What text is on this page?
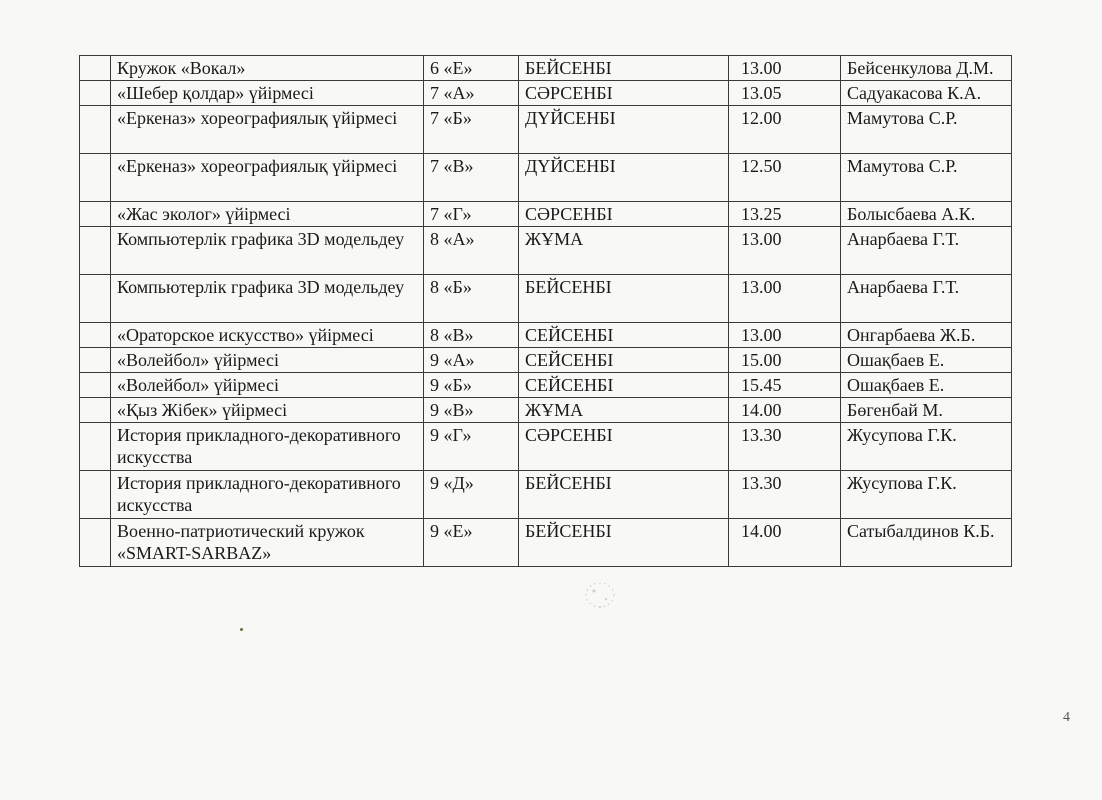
	Кружок «Вокал»	6 «Е»	БЕЙСЕНБІ	13.00	Бейсенкулова Д.М.
	«Шебер қолдар» үйірмесі	7 «А»	СӘРСЕНБІ	13.05	Садуакасова К.А.
	«Еркеназ» хореографиялық үйірмесі	7 «Б»	ДҮЙСЕНБІ	12.00	Мамутова С.Р.
	«Еркеназ» хореографиялық үйірмесі	7 «В»	ДҮЙСЕНБІ	12.50	Мамутова С.Р.
	«Жас эколог» үйірмесі	7 «Г»	СӘРСЕНБІ	13.25	Болысбаева А.К.
	Компьютерлік графика 3D модельдеу	8 «А»	ЖҰМА	13.00	Анарбаева Г.Т.
	Компьютерлік графика 3D модельдеу	8 «Б»	БЕЙСЕНБІ	13.00	Анарбаева Г.Т.
	«Ораторское искусство» үйірмесі	8 «В»	СЕЙСЕНБІ	13.00	Онгарбаева Ж.Б.
	«Волейбол» үйірмесі	9 «А»	СЕЙСЕНБІ	15.00	Ошақбаев Е.
	«Волейбол» үйірмесі	9 «Б»	СЕЙСЕНБІ	15.45	Ошақбаев Е.
	«Қыз Жібек» үйірмесі	9 «В»	ЖҰМА	14.00	Бөгенбай М.
	История прикладного-декоративного искусства	9 «Г»	СӘРСЕНБІ	13.30	Жусупова Г.К.
	История прикладного-декоративного искусства	9 «Д»	БЕЙСЕНБІ	13.30	Жусупова Г.К.
	Военно-патриотический кружок «SMART-SARBAZ»	9 «Е»	БЕЙСЕНБІ	14.00	Сатыбалдинов К.Б.
4
